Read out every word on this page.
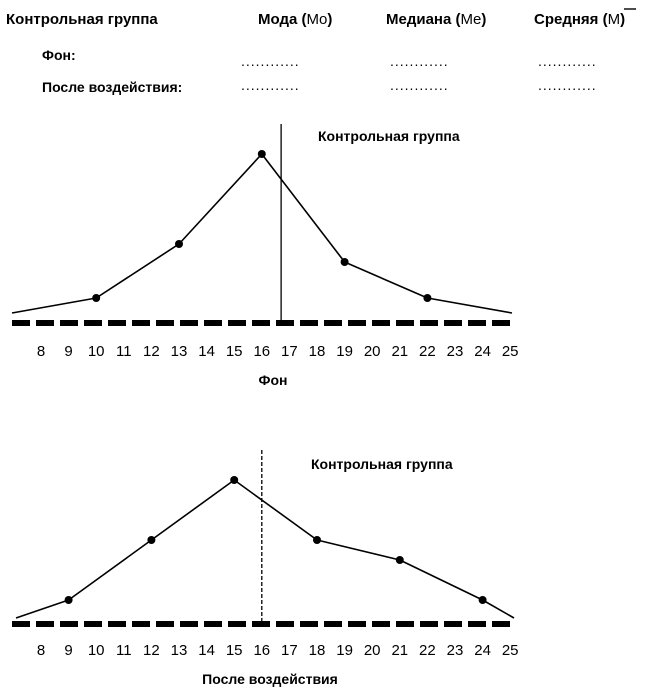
Контрольная группа	Мода (Mo)	Медиана (Me)	Средняя (M)
Фон:	............	............	............
После воздействия:	............	............	............
Контрольная группа
8 9 10 11 12 13 14 15 16 17 18 19 20 21 22 23 24 25
Фон
Контрольная группа
8 9 10 11 12 13 14 15 16 17 18 19 20 21 22 23 24 25
После воздействия
